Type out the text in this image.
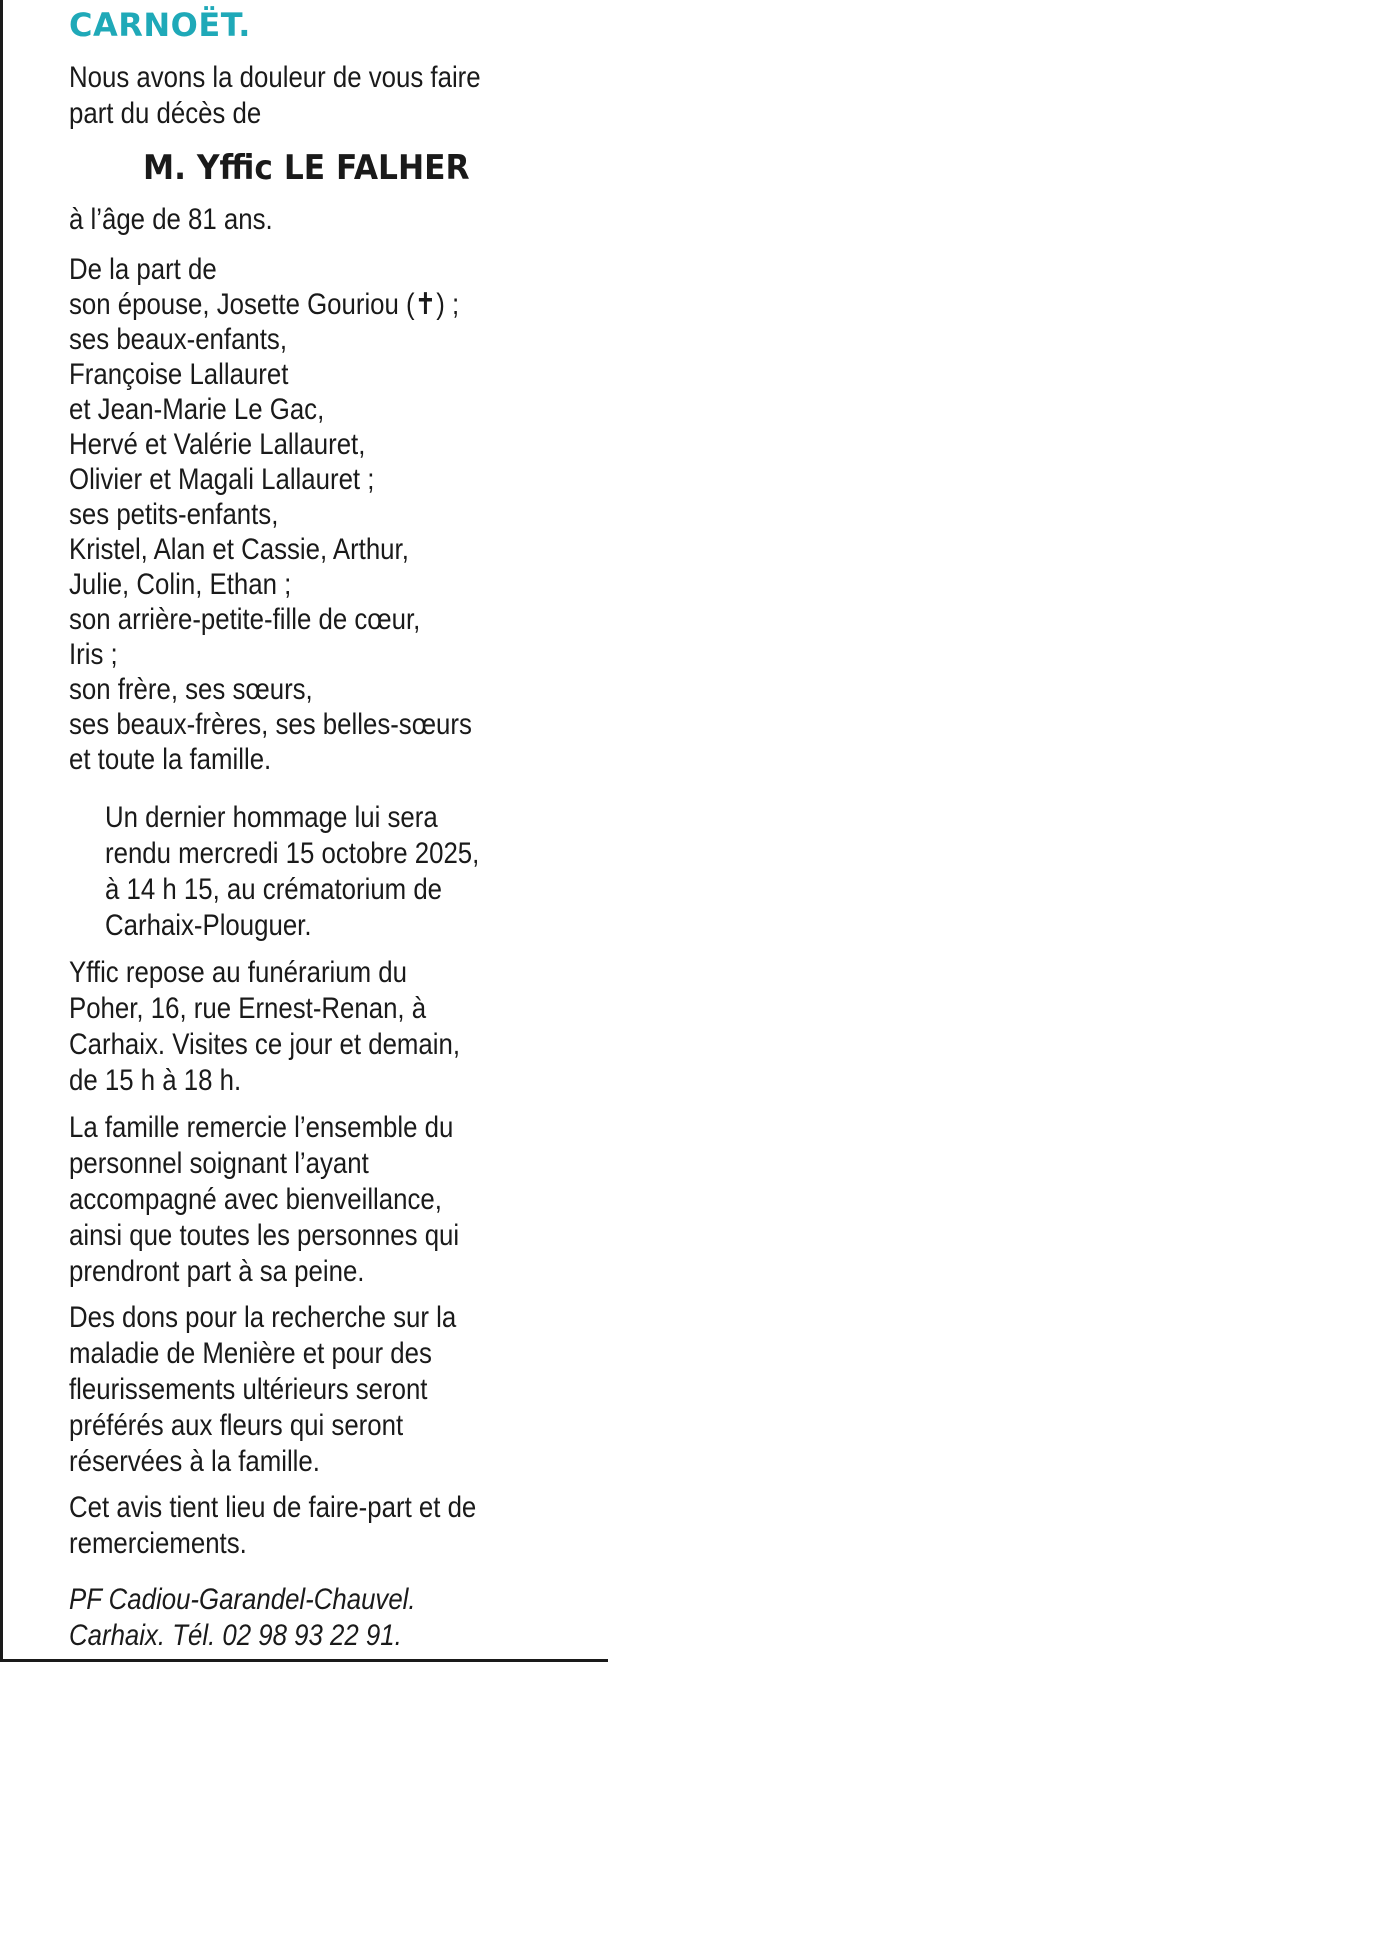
CARNOËT.

Nous avons la douleur de vous faire
part du décès de

M. Yffic LE FALHER

à l’âge de 81 ans.

De la part de
son épouse, Josette Gouriou (✝) ;
ses beaux-enfants,
Françoise Lallauret
et Jean-Marie Le Gac,
Hervé et Valérie Lallauret,
Olivier et Magali Lallauret ;
ses petits-enfants,
Kristel, Alan et Cassie, Arthur,
Julie, Colin, Ethan ;
son arrière-petite-fille de cœur,
Iris ;
son frère, ses sœurs,
ses beaux-frères, ses belles-sœurs
et toute la famille.

Un dernier hommage lui sera
rendu mercredi 15 octobre 2025,
à 14 h 15, au crématorium de
Carhaix-Plouguer.

Yffic repose au funérarium du
Poher, 16, rue Ernest-Renan, à
Carhaix. Visites ce jour et demain,
de 15 h à 18 h.

La famille remercie l’ensemble du
personnel soignant l’ayant
accompagné avec bienveillance,
ainsi que toutes les personnes qui
prendront part à sa peine.

Des dons pour la recherche sur la
maladie de Menière et pour des
fleurissements ultérieurs seront
préférés aux fleurs qui seront
réservées à la famille.

Cet avis tient lieu de faire-part et de
remerciements.

PF Cadiou-Garandel-Chauvel.
Carhaix. Tél. 02 98 93 22 91.
